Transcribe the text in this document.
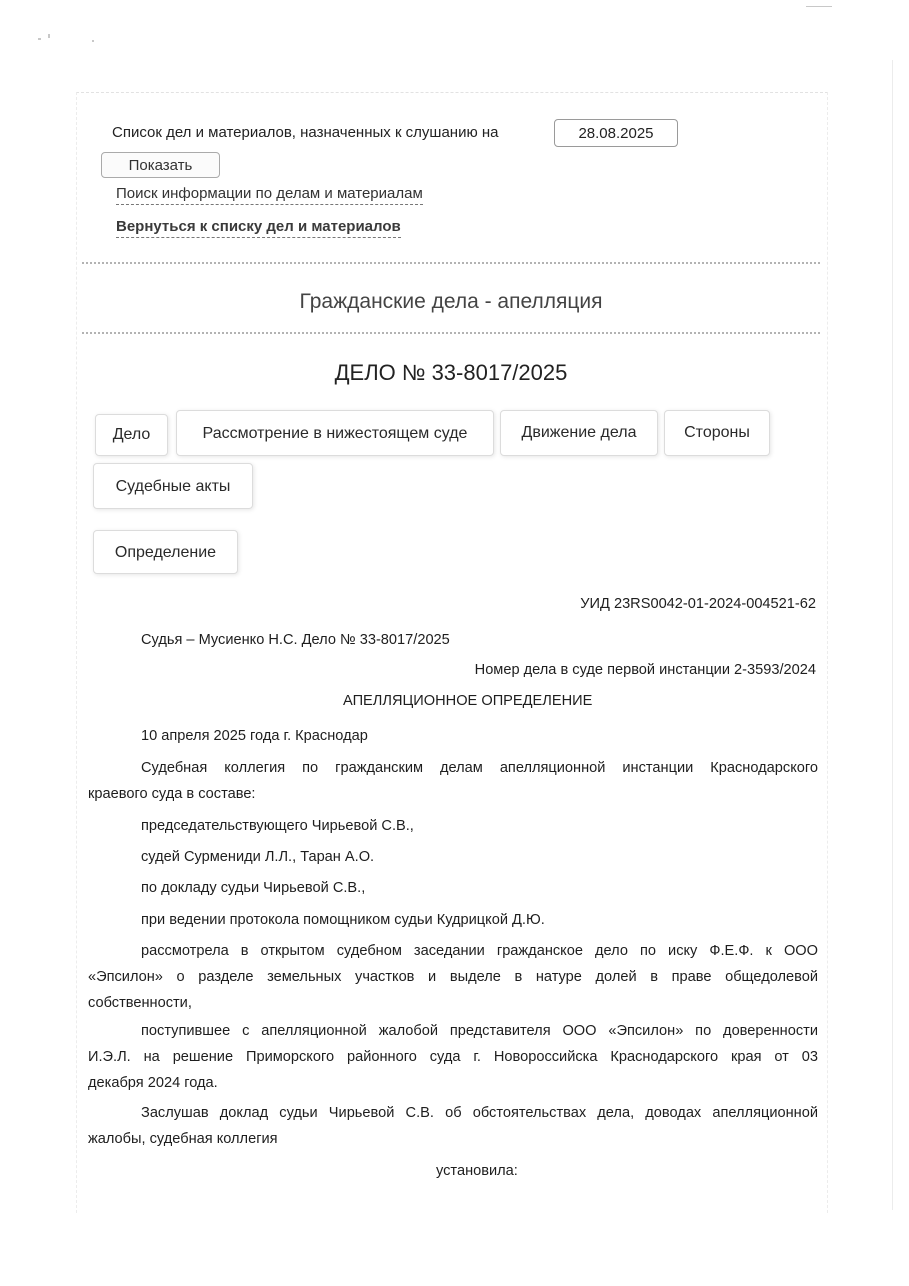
Список дел и материалов, назначенных к слушанию на	28.08.2025
Показать
Поиск информации по делам и материалам
Вернуться к списку дел и материалов
Гражданские дела - апелляция
ДЕЛО № 33-8017/2025
Дело	Рассмотрение в нижестоящем суде	Движение дела	Стороны
Судебные акты
Определение
УИД 23RS0042-01-2024-004521-62
Судья – Мусиенко Н.С. Дело № 33-8017/2025
Номер дела в суде первой инстанции 2-3593/2024
АПЕЛЛЯЦИОННОЕ ОПРЕДЕЛЕНИЕ
10 апреля 2025 года г. Краснодар
Судебная коллегия по гражданским делам апелляционной инстанции Краснодарского
краевого суда в составе:
председательствующего Чирьевой С.В.,
судей Сурмениди Л.Л., Таран А.О.
по докладу судьи Чирьевой С.В.,
при ведении протокола помощником судьи Кудрицкой Д.Ю.
рассмотрела в открытом судебном заседании гражданское дело по иску Ф.Е.Ф. к ООО
«Эпсилон» о разделе земельных участков и выделе в натуре долей в праве общедолевой
собственности,
поступившее с апелляционной жалобой представителя ООО «Эпсилон» по доверенности
И.Э.Л. на решение Приморского районного суда г. Новороссийска Краснодарского края от 03
декабря 2024 года.
Заслушав доклад судьи Чирьевой С.В. об обстоятельствах дела, доводах апелляционной
жалобы, судебная коллегия
установила:
